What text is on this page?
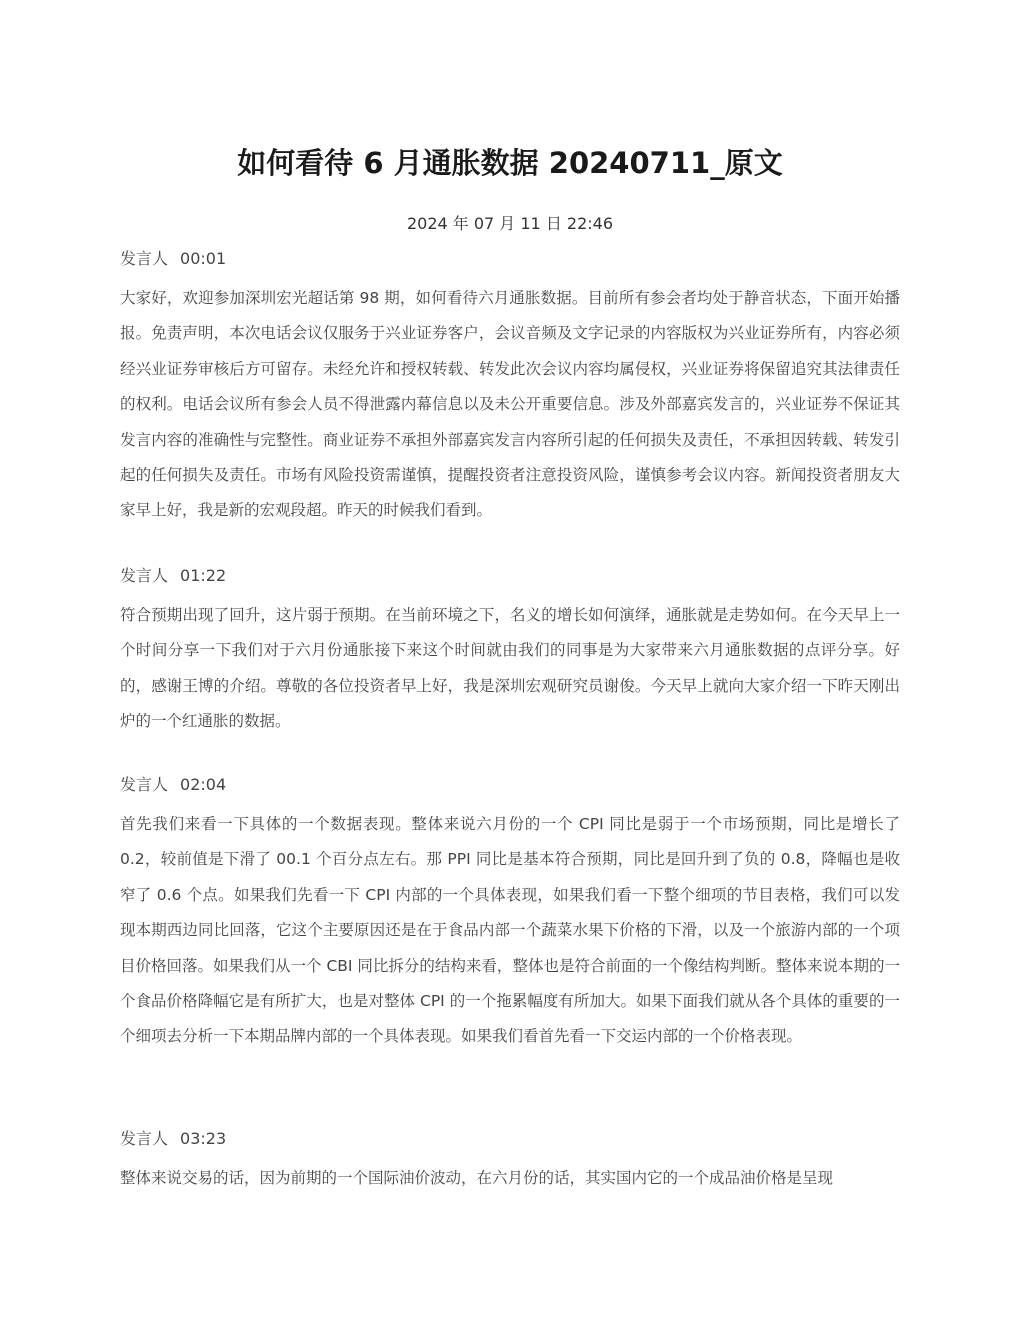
如何看待 6 月通胀数据 20240711_原文
2024 年 07 月 11 日 22:46
发言人 00:01
大家好，欢迎参加深圳宏光超话第 98 期，如何看待六月通胀数据。目前所有参会者均处于静音状态，下面开始播报。免责声明，本次电话会议仅服务于兴业证券客户，会议音频及文字记录的内容版权为兴业证券所有，内容必须经兴业证券审核后方可留存。未经允许和授权转载、转发此次会议内容均属侵权，兴业证券将保留追究其法律责任的权利。电话会议所有参会人员不得泄露内幕信息以及未公开重要信息。涉及外部嘉宾发言的，兴业证券不保证其发言内容的准确性与完整性。商业证券不承担外部嘉宾发言内容所引起的任何损失及责任，不承担因转载、转发引起的任何损失及责任。市场有风险投资需谨慎，提醒投资者注意投资风险，谨慎参考会议内容。新闻投资者朋友大家早上好，我是新的宏观段超。昨天的时候我们看到。
发言人 01:22
符合预期出现了回升，这片弱于预期。在当前环境之下，名义的增长如何演绎，通胀就是走势如何。在今天早上一个时间分享一下我们对于六月份通胀接下来这个时间就由我们的同事是为大家带来六月通胀数据的点评分享。好的，感谢王博的介绍。尊敬的各位投资者早上好，我是深圳宏观研究员谢俊。今天早上就向大家介绍一下昨天刚出炉的一个红通胀的数据。
发言人 02:04
首先我们来看一下具体的一个数据表现。整体来说六月份的一个 CPI 同比是弱于一个市场预期，同比是增长了 0.2，较前值是下滑了 00.1 个百分点左右。那 PPI 同比是基本符合预期，同比是回升到了负的 0.8，降幅也是收窄了 0.6 个点。如果我们先看一下 CPI 内部的一个具体表现，如果我们看一下整个细项的节目表格，我们可以发现本期西边同比回落，它这个主要原因还是在于食品内部一个蔬菜水果下价格的下滑，以及一个旅游内部的一个项目价格回落。如果我们从一个 CBI 同比拆分的结构来看，整体也是符合前面的一个像结构判断。整体来说本期的一个食品价格降幅它是有所扩大，也是对整体 CPI 的一个拖累幅度有所加大。如果下面我们就从各个具体的重要的一个细项去分析一下本期品牌内部的一个具体表现。如果我们看首先看一下交运内部的一个价格表现。
发言人 03:23
整体来说交易的话，因为前期的一个国际油价波动，在六月份的话，其实国内它的一个成品油价格是呈现
